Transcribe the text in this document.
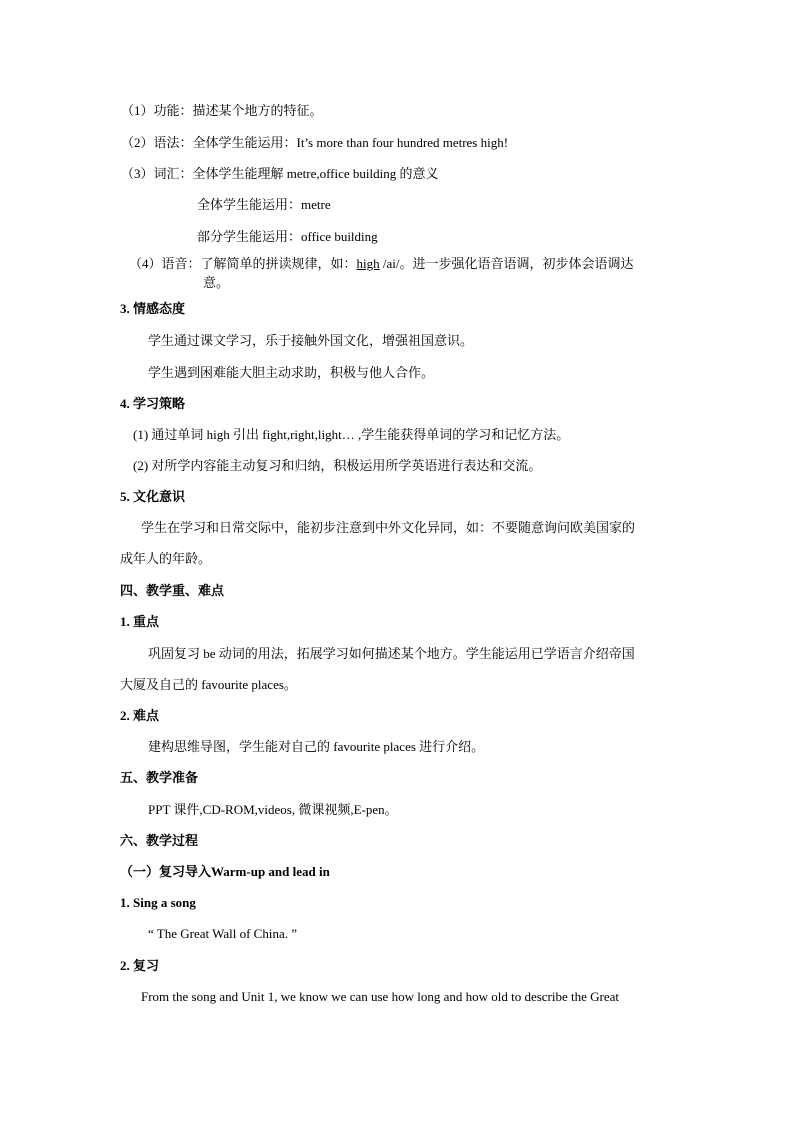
（1）功能：描述某个地方的特征。
（2）语法：全体学生能运用：It’s more than four hundred metres high!
（3）词汇：全体学生能理解 metre,office building 的意义
全体学生能运用：metre
部分学生能运用：office building
（4）语音：了解简单的拼读规律，如：high /ai/。进一步强化语音语调，初步体会语调达
意。
3. 情感态度
学生通过课文学习，乐于接触外国文化，增强祖国意识。
学生遇到困难能大胆主动求助，积极与他人合作。
4. 学习策略
(1) 通过单词 high 引出 fight,right,light… ,学生能获得单词的学习和记忆方法。
(2) 对所学内容能主动复习和归纳，积极运用所学英语进行表达和交流。
5. 文化意识
学生在学习和日常交际中，能初步注意到中外文化异同，如：不要随意询问欧美国家的
成年人的年龄。
四、教学重、难点
1. 重点
巩固复习 be 动词的用法，拓展学习如何描述某个地方。学生能运用已学语言介绍帝国
大厦及自己的 favourite places。
2. 难点
建构思维导图，学生能对自己的 favourite places 进行介绍。
五、教学准备
PPT 课件,CD-ROM,videos, 微课视频,E-pen。
六、教学过程
（一）复习导入Warm-up and lead in
1. Sing a song
“ The Great Wall of China. ”
2. 复习
From the song and Unit 1, we know we can use how long and how old to describe the Great
